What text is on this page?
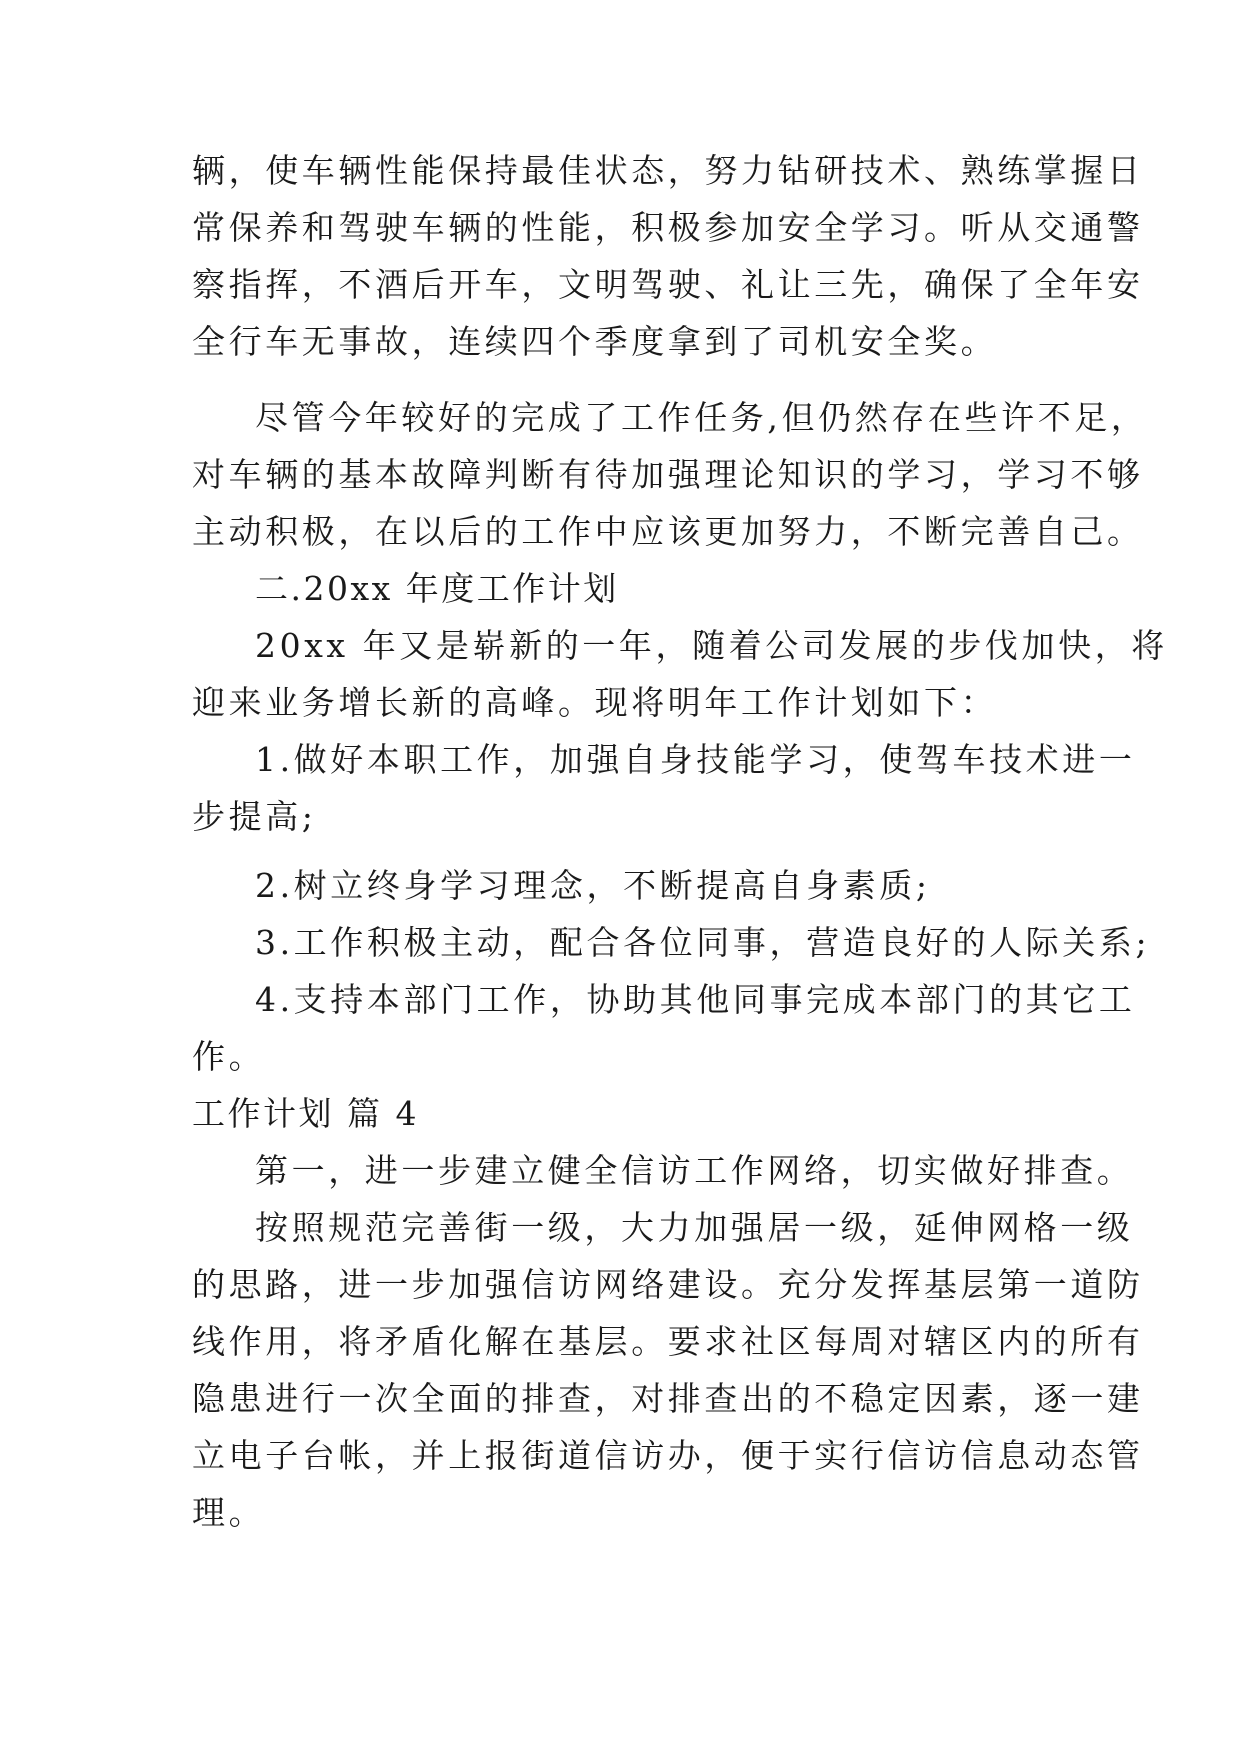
辆，使车辆性能保持最佳状态，努力钻研技术、熟练掌握日
常保养和驾驶车辆的性能，积极参加安全学习。听从交通警
察指挥，不酒后开车，文明驾驶、礼让三先，确保了全年安
全行车无事故，连续四个季度拿到了司机安全奖。
尽管今年较好的完成了工作任务,但仍然存在些许不足，
对车辆的基本故障判断有待加强理论知识的学习，学习不够
主动积极，在以后的工作中应该更加努力，不断完善自己。
二.20xx 年度工作计划
20xx 年又是崭新的一年，随着公司发展的步伐加快，将
迎来业务增长新的高峰。现将明年工作计划如下：
1.做好本职工作，加强自身技能学习，使驾车技术进一
步提高;
2.树立终身学习理念，不断提高自身素质;
3.工作积极主动，配合各位同事，营造良好的人际关系;
4.支持本部门工作，协助其他同事完成本部门的其它工
作。
工作计划 篇 4
第一，进一步建立健全信访工作网络，切实做好排查。
按照规范完善街一级，大力加强居一级，延伸网格一级
的思路，进一步加强信访网络建设。充分发挥基层第一道防
线作用，将矛盾化解在基层。要求社区每周对辖区内的所有
隐患进行一次全面的排查，对排查出的不稳定因素，逐一建
立电子台帐，并上报街道信访办，便于实行信访信息动态管
理。
